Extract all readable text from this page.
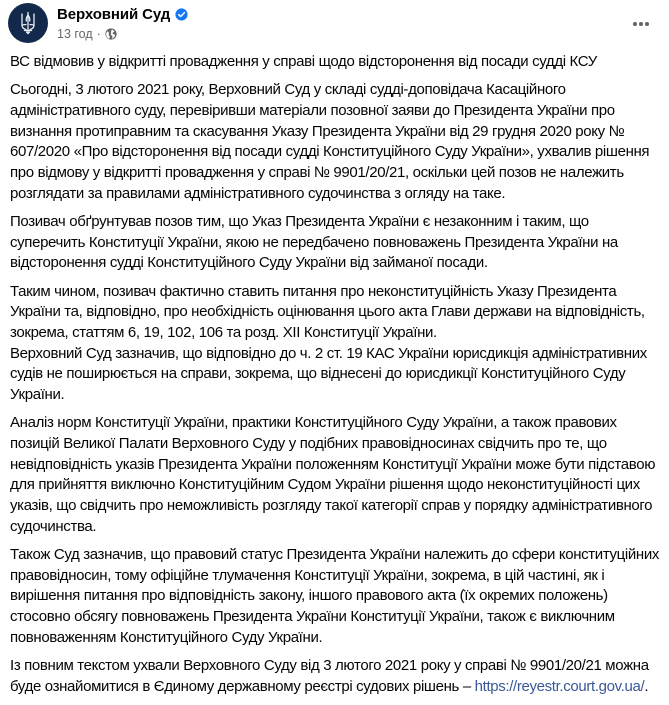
Верховний Суд
13 год ·

ВС відмовив у відкритті провадження у справі щодо відсторонення від посади судді КСУ

Сьогодні, 3 лютого 2021 року, Верховний Суд у складі судді-доповідача Касаційного адміністративного суду, перевіривши матеріали позовної заяви до Президента України про визнання протиправним та скасування Указу Президента України від 29 грудня 2020 року № 607/2020 «Про відсторонення від посади судді Конституційного Суду України», ухвалив рішення про відмову у відкритті провадження у справі № 9901/20/21, оскільки цей позов не належить розглядати за правилами адміністративного судочинства з огляду на таке.

Позивач обґрунтував позов тим, що Указ Президента України є незаконним і таким, що суперечить Конституції України, якою не передбачено повноважень Президента України на відсторонення судді Конституційного Суду України від займаної посади.

Таким чином, позивач фактично ставить питання про неконституційність Указу Президента України та, відповідно, про необхідність оцінювання цього акта Глави держави на відповідність, зокрема, статтям 6, 19, 102, 106 та розд. XII Конституції України.

Верховний Суд зазначив, що відповідно до ч. 2 ст. 19 КАС України юрисдикція адміністративних судів не поширюється на справи, зокрема, що віднесені до юрисдикції Конституційного Суду України.

Аналіз норм Конституції України, практики Конституційного Суду України, а також правових позицій Великої Палати Верховного Суду у подібних правовідносинах свідчить про те, що невідповідність указів Президента України положенням Конституції України може бути підставою для прийняття виключно Конституційним Судом України рішення щодо неконституційності цих указів, що свідчить про неможливість розгляду такої категорії справ у порядку адміністративного судочинства.

Також Суд зазначив, що правовий статус Президента України належить до сфери конституційних правовідносин, тому офіційне тлумачення Конституції України, зокрема, в цій частині, як і вирішення питання про відповідність закону, іншого правового акта (їх окремих положень) стосовно обсягу повноважень Президента України Конституції України, також є виключним повноваженням Конституційного Суду України.

Із повним текстом ухвали Верховного Суду від 3 лютого 2021 року у справі № 9901/20/21 можна буде ознайомитися в Єдиному державному реєстрі судових рішень – https://reyestr.court.gov.ua/.
